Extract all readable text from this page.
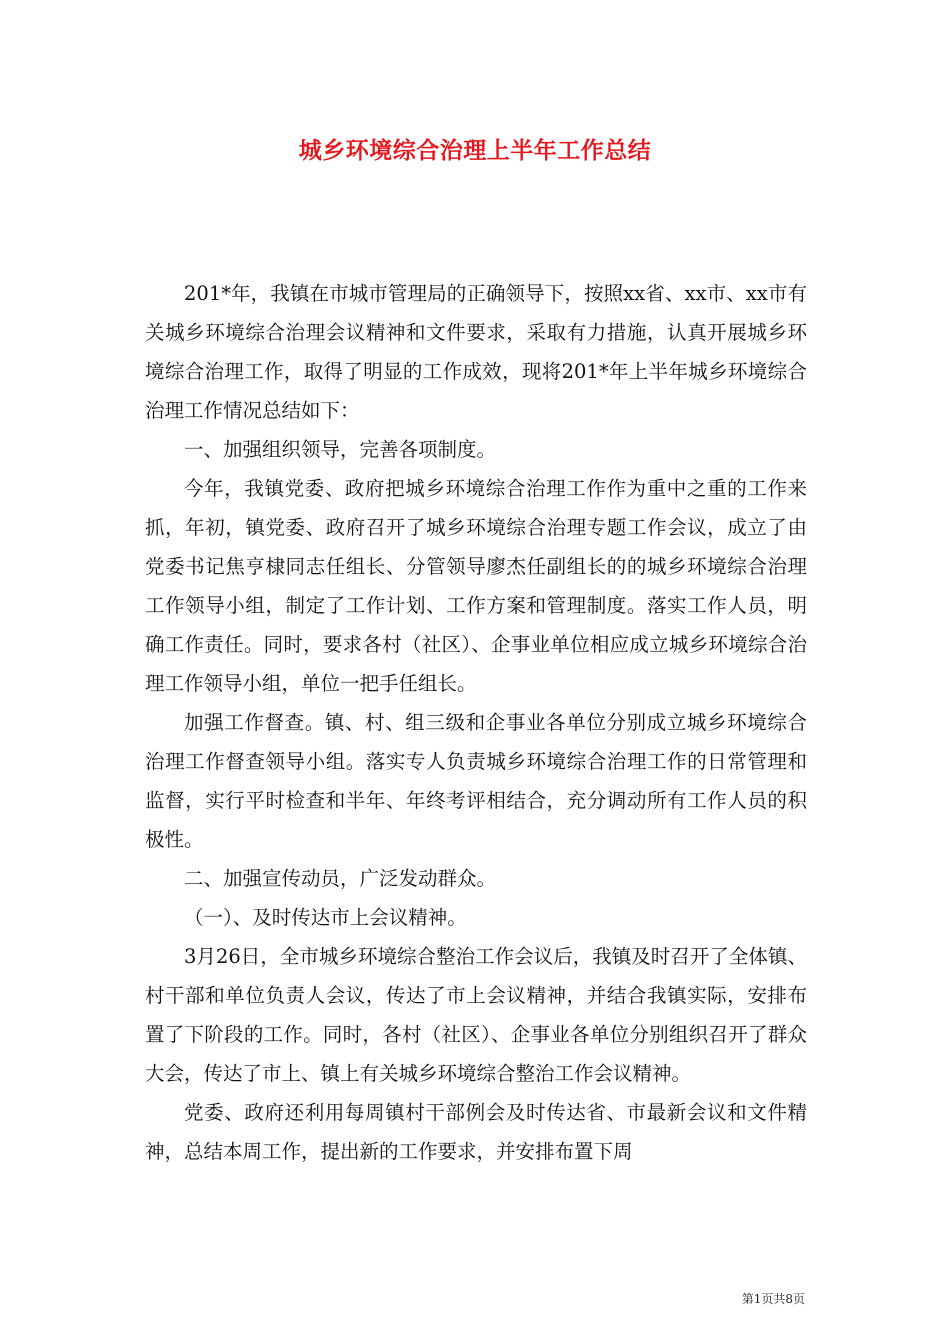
城乡环境综合治理上半年工作总结

201*年，我镇在市城市管理局的正确领导下，按照xx省、xx市、xx市有关城乡环境综合治理会议精神和文件要求，采取有力措施，认真开展城乡环境综合治理工作，取得了明显的工作成效，现将201*年上半年城乡环境综合治理工作情况总结如下：

一、加强组织领导，完善各项制度。

今年，我镇党委、政府把城乡环境综合治理工作作为重中之重的工作来抓，年初，镇党委、政府召开了城乡环境综合治理专题工作会议，成立了由党委书记焦亨棣同志任组长、分管领导廖杰任副组长的的城乡环境综合治理工作领导小组，制定了工作计划、工作方案和管理制度。落实工作人员，明确工作责任。同时，要求各村（社区）、企事业单位相应成立城乡环境综合治理工作领导小组，单位一把手任组长。

加强工作督查。镇、村、组三级和企事业各单位分别成立城乡环境综合治理工作督查领导小组。落实专人负责城乡环境综合治理工作的日常管理和监督，实行平时检查和半年、年终考评相结合，充分调动所有工作人员的积极性。

二、加强宣传动员，广泛发动群众。

（一）、及时传达市上会议精神。

3月26日，全市城乡环境综合整治工作会议后，我镇及时召开了全体镇、村干部和单位负责人会议，传达了市上会议精神，并结合我镇实际，安排布置了下阶段的工作。同时，各村（社区）、企事业各单位分别组织召开了群众大会，传达了市上、镇上有关城乡环境综合整治工作会议精神。

党委、政府还利用每周镇村干部例会及时传达省、市最新会议和文件精神，总结本周工作，提出新的工作要求，并安排布置下周

第1页共8页
